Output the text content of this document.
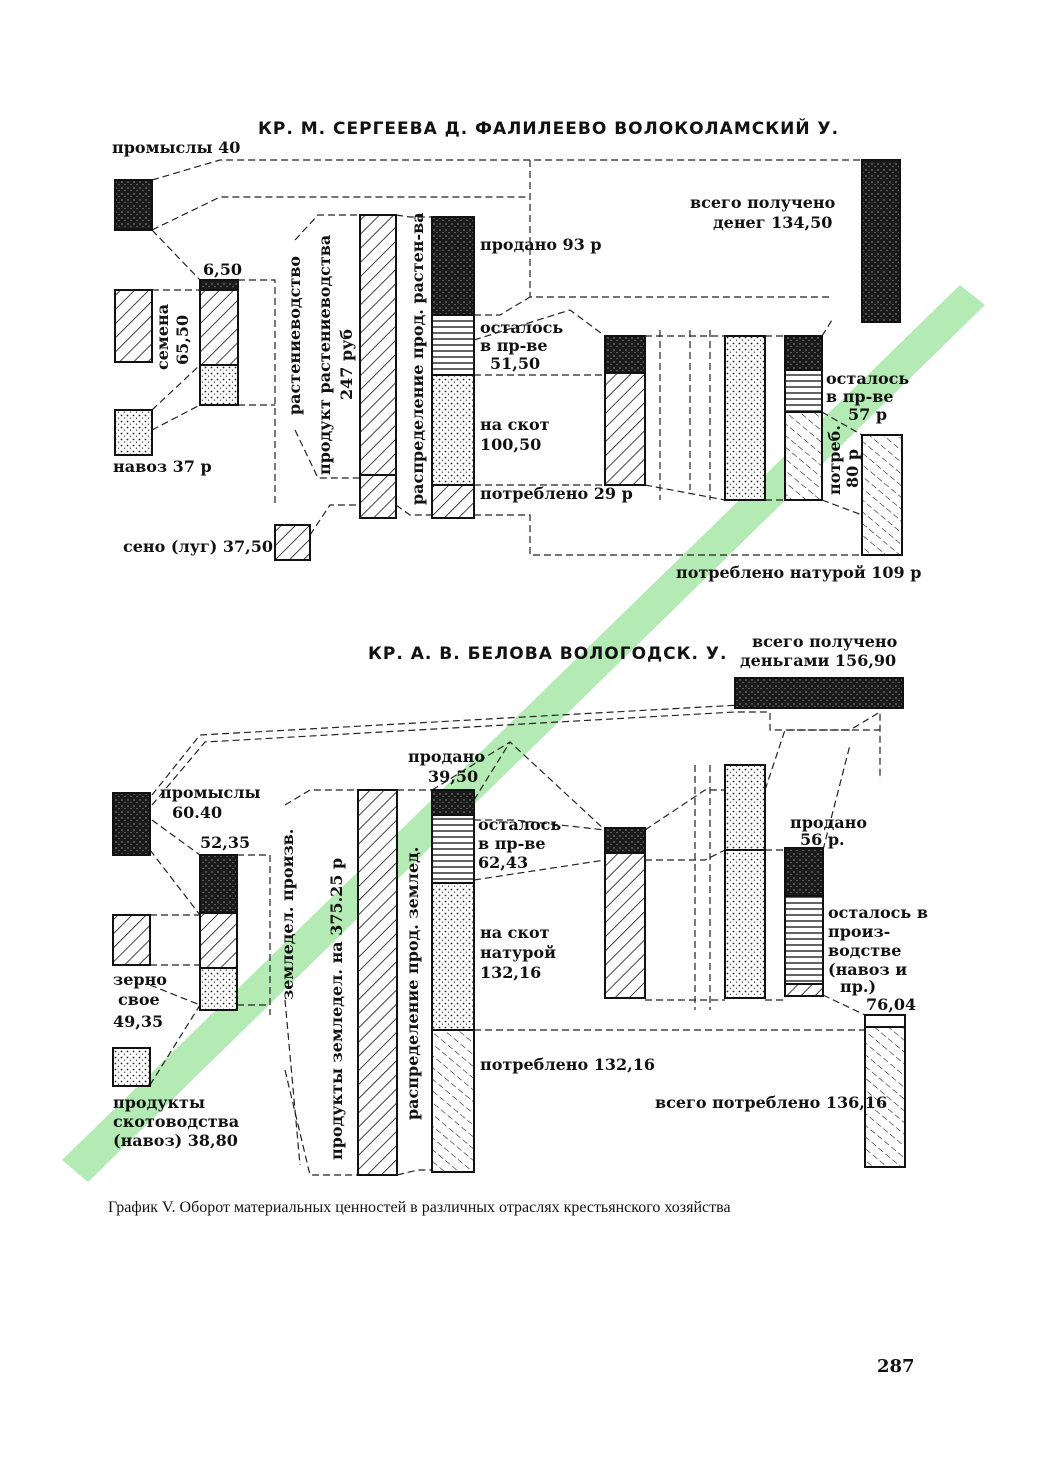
КР. М. СЕРГЕЕВА Д. ФАЛИЛЕЕВО ВОЛОКОЛАМСКИЙ У.
промыслы 40
6,50
семена 65,50
навоз 37 р
сено (луг) 37,50
растениеводство продукт растениеводства 247 руб	распределение прод. растен-ва	продано 93 р
осталось
в пр-ве
51,50
на скот
100,50
потреблено 29 р
всего получено
денег 134,50
осталось
в пр-ве
57 р
потреб. 80 р
потреблено натурой 109 р
КР. А. В. БЕЛОВА ВОЛОГОДСК. У.
всего получено
деньгами 156,90
промыслы
60.40
52,35
зерно
свое
49,35
продукты
скотоводства
(навоз) 38,80
земледел. произв. продукты земледел. на 375.25 р	распределение прод. землед.
продано
39,50
осталось
в пр-ве
62,43
на скот
натурой
132,16
потреблено 132,16
продано
56 р.
осталось в
произ-
водстве
(навоз и
пр.)
76,04
всего потреблено 136,16
График V. Оборот материальных ценностей в различных отраслях крестьянского хозяйства
287
